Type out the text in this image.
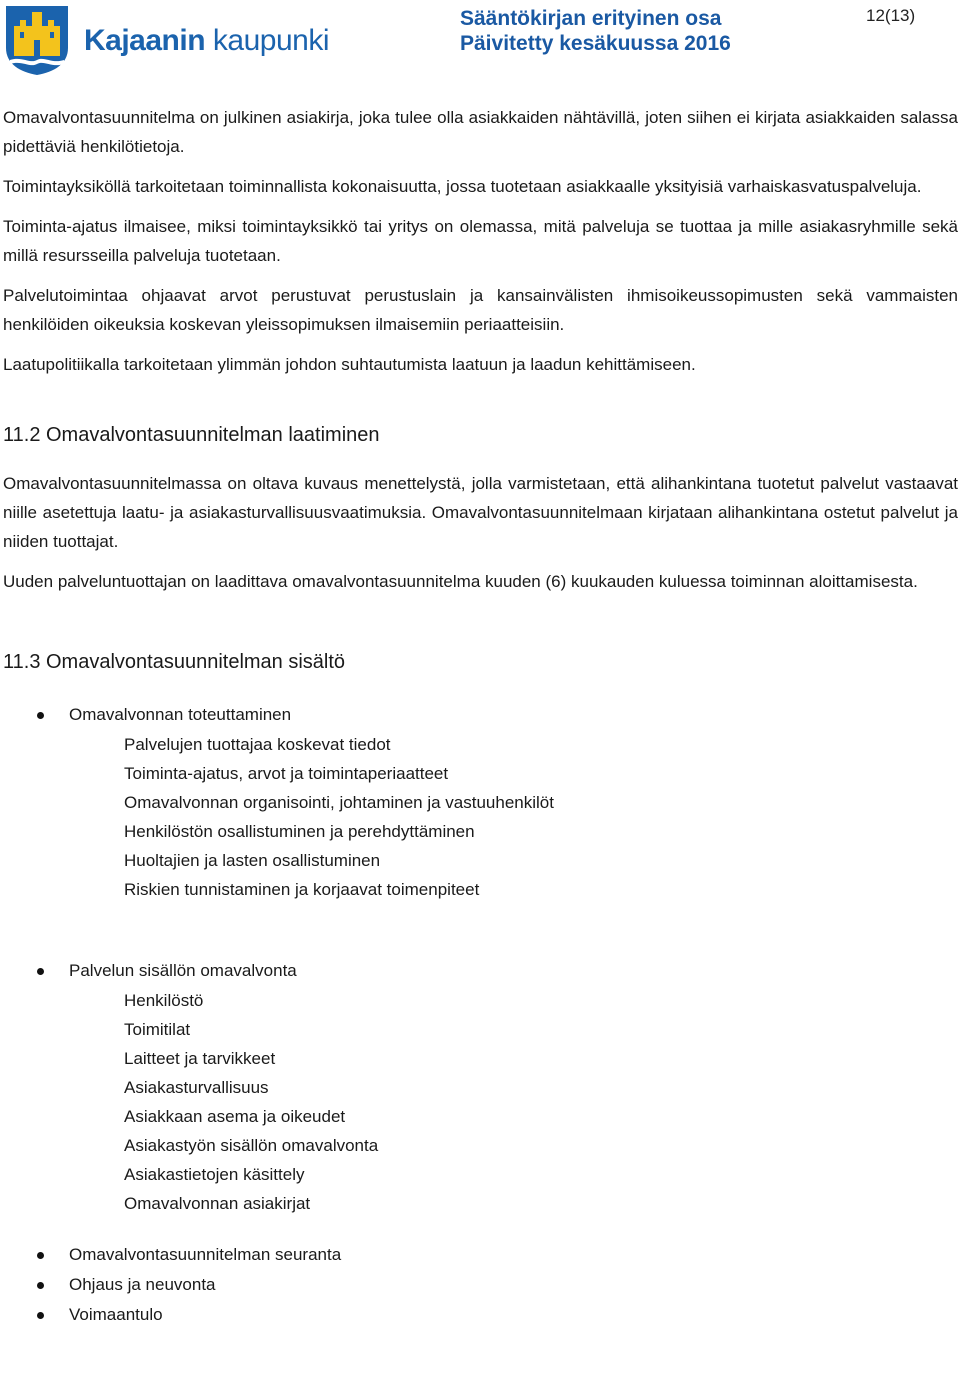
Kajaanin kaupunki
Sääntökirjan erityinen osa
Päivitetty kesäkuussa 2016
12(13)

Omavalvontasuunnitelma on julkinen asiakirja, joka tulee olla asiakkaiden nähtävillä, joten siihen ei kirjata asiakkaiden salassa pidettäviä henkilötietoja.

Toimintayksiköllä tarkoitetaan toiminnallista kokonaisuutta, jossa tuotetaan asiakkaalle yksityisiä varhaiskasvatuspalveluja.

Toiminta-ajatus ilmaisee, miksi toimintayksikkö tai yritys on olemassa, mitä palveluja se tuottaa ja mille asiakasryhmille sekä millä resursseilla palveluja tuotetaan.

Palvelutoimintaa ohjaavat arvot perustuvat perustuslain ja kansainvälisten ihmisoikeussopimusten sekä vammaisten henkilöiden oikeuksia koskevan yleissopimuksen ilmaisemiin periaatteisiin.

Laatupolitiikalla tarkoitetaan ylimmän johdon suhtautumista laatuun ja laadun kehittämiseen.

11.2 Omavalvontasuunnitelman laatiminen

Omavalvontasuunnitelmassa on oltava kuvaus menettelystä, jolla varmistetaan, että alihankintana tuotetut palvelut vastaavat niille asetettuja laatu- ja asiakasturvallisuusvaatimuksia. Omavalvontasuunnitelmaan kirjataan alihankintana ostetut palvelut ja niiden tuottajat.

Uuden palveluntuottajan on laadittava omavalvontasuunnitelma kuuden (6) kuukauden kuluessa toiminnan aloittamisesta.

11.3 Omavalvontasuunnitelman sisältö
Omavalvonnan toteuttaminen
Palvelujen tuottajaa koskevat tiedot
Toiminta-ajatus, arvot ja toimintaperiaatteet
Omavalvonnan organisointi, johtaminen ja vastuuhenkilöt
Henkilöstön osallistuminen ja perehdyttäminen
Huoltajien ja lasten osallistuminen
Riskien tunnistaminen ja korjaavat toimenpiteet
Palvelun sisällön omavalvonta
Henkilöstö
Toimitilat
Laitteet ja tarvikkeet
Asiakasturvallisuus
Asiakkaan asema ja oikeudet
Asiakastyön sisällön omavalvonta
Asiakastietojen käsittely
Omavalvonnan asiakirjat
Omavalvontasuunnitelman seuranta
Ohjaus ja neuvonta
Voimaantulo
